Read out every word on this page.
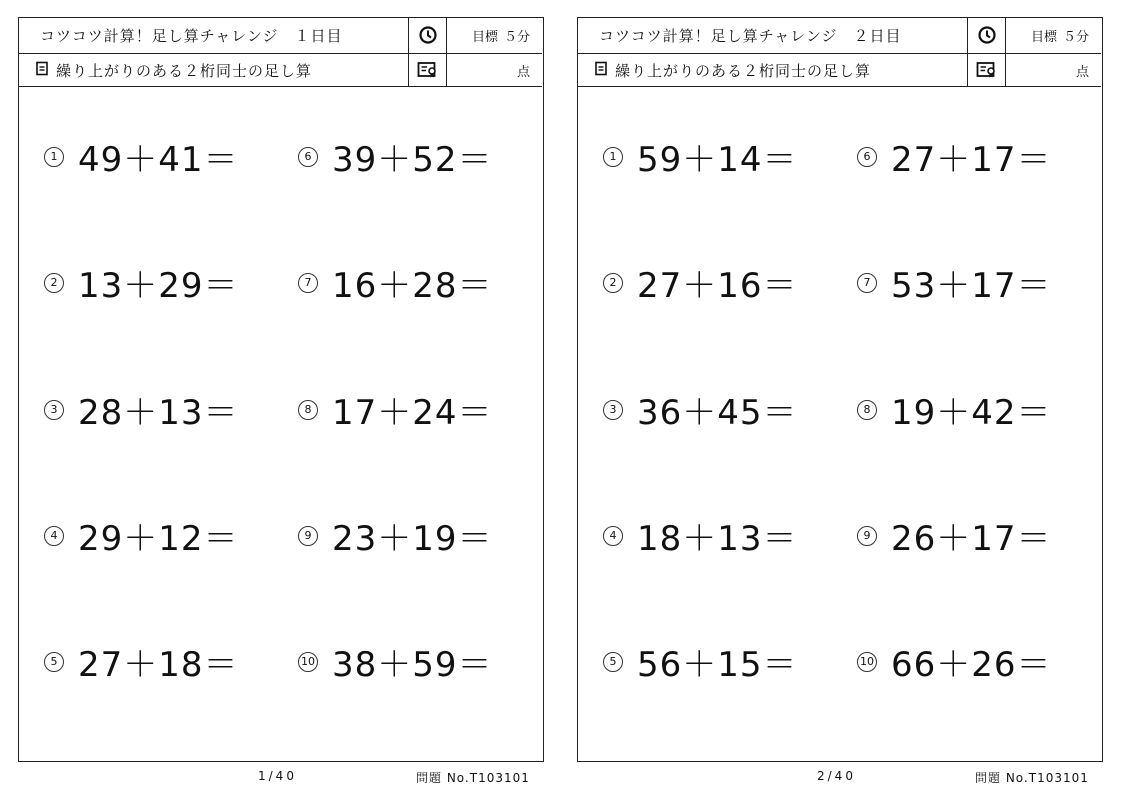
コツコツ計算！足し算チャレンジ　１日目	目標 ５分
繰り上がりのある２桁同士の足し算	点
1 49＋41＝
2 13＋29＝
3 28＋13＝
4 29＋12＝
5 27＋18＝
6 39＋52＝
7 16＋28＝
8 17＋24＝
9 23＋19＝
10 38＋59＝
1/40	問題 No.T103101
コツコツ計算！足し算チャレンジ　２日目	目標 ５分
繰り上がりのある２桁同士の足し算	点
1 59＋14＝
2 27＋16＝
3 36＋45＝
4 18＋13＝
5 56＋15＝
6 27＋17＝
7 53＋17＝
8 19＋42＝
9 26＋17＝
10 66＋26＝
2/40	問題 No.T103101
